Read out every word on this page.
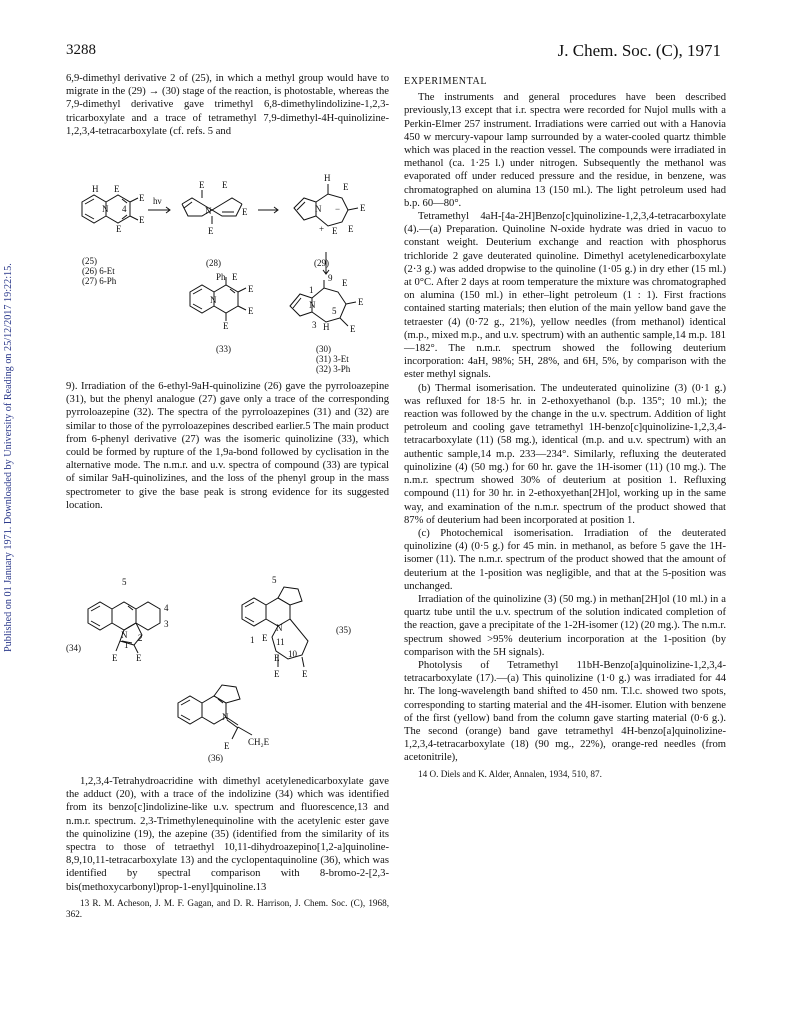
Published on 01 January 1971. Downloaded by University of Reading on 25/12/2017 19:22:15.
3288	J. Chem. Soc. (C), 1971

6,9-dimethyl derivative 2 of (25), in which a methyl group would have to migrate in the (29) → (30) stage of the reaction, is photostable, whereas the 7,9-dimethyl derivative gave trimethyl 6,8-dimethylindolizine-1,2,3-tricarboxylate and a trace of tetramethyl 7,9-dimethyl-4H-quinolizine-1,2,3,4-tetracarboxylate (cf. refs. 5 and

H E
N 4
E
E
E
hν
E E
E
E
N
H
E
E
E
E
N
+
−
Ph E
E
E
E
N
1
9 E
E
E
N
5
3 H
(25)
(26) 6-Et
(27) 6-Ph
(28)	(29)
(33)	(30)
(31) 3-Et
(32) 3-Ph

9). Irradiation of the 6-ethyl-9aH-quinolizine (26) gave the pyrroloazepine (31), but the phenyl analogue (27) gave only a trace of the corresponding pyrroloazepine (32). The spectra of the pyrroloazepines (31) and (32) are similar to those of the pyrroloazepines described earlier.5 The main product from 6-phenyl derivative (27) was the isomeric quinolizine (33), which could be formed by rupture of the 1,9a-bond followed by cyclisation in the alternative mode. The n.m.r. and u.v. spectra of compound (33) are typical of similar 9aH-quinolizines, and the loss of the phenyl group in the mass spectrometer to give the base peak is strong evidence for its suggested location.

5
4
3
N
1
2
E E
(34)
5
N
1 E 11
E 10
E	E
(35)
N
E CH₂E

(36)

1,2,3,4-Tetrahydroacridine with dimethyl acetylenedicarboxylate gave the adduct (20), with a trace of the indolizine (34) which was identified from its benzo[c]indolizine-like u.v. spectrum and fluorescence,13 and n.m.r. spectrum. 2,3-Trimethylenequinoline with the acetylenic ester gave the quinolizine (19), the azepine (35) (identified from the similarity of its spectra to those of tetraethyl 10,11-dihydroazepino[1,2-a]quinoline-8,9,10,11-tetracarboxylate 13) and the cyclopentaquinoline (36), which was identified by spectral comparison with 8-bromo-2-[2,3-bis(methoxycarbonyl)prop-1-enyl]quinoline.13

13 R. M. Acheson, J. M. F. Gagan, and D. R. Harrison, J. Chem. Soc. (C), 1968, 362.

EXPERIMENTAL

The instruments and general procedures have been described previously,13 except that i.r. spectra were recorded for Nujol mulls with a Perkin-Elmer 257 instrument. Irradiations were carried out with a Hanovia 450 w mercury-vapour lamp surrounded by a water-cooled quartz thimble which was placed in the reaction vessel. The compounds were irradiated in methanol (ca. 1·25 l.) under nitrogen. Subsequently the methanol was evaporated off under reduced pressure and the residue, in benzene, was chromatographed on alumina 13 (150 ml.). The light petroleum used had b.p. 60—80°.

Tetramethyl 4aH-[4a-2H]Benzo[c]quinolizine-1,2,3,4-tetracarboxylate (4).—(a) Preparation. Quinoline N-oxide hydrate was dried in vacuo to constant weight. Deuterium exchange and reaction with phosphorus trichloride 2 gave deuterated quinoline. Dimethyl acetylenedicarboxylate (2·3 g.) was added dropwise to the quinoline (1·05 g.) in dry ether (15 ml.) at 0°C. After 2 days at room temperature the mixture was chromatographed on alumina (150 ml.) in ether–light petroleum (1 : 1). First fractions contained starting materials; then elution of the main yellow band gave the tetraester (4) (0·72 g., 21%), yellow needles (from methanol) identical (m.p., mixed m.p., and u.v. spectrum) with an authentic sample,14 m.p. 181—182°. The n.m.r. spectrum showed the following deuterium incorporation: 4aH, 98%; 5H, 28%, and 6H, 5%, by comparison with the ester methyl signals.

(b) Thermal isomerisation. The undeuterated quinolizine (3) (0·1 g.) was refluxed for 18·5 hr. in 2-ethoxyethanol (b.p. 135°; 10 ml.); the reaction was followed by the change in the u.v. spectrum. Addition of light petroleum and cooling gave tetramethyl 1H-benzo[c]quinolizine-1,2,3,4-tetracarboxylate (11) (58 mg.), identical (m.p. and u.v. spectrum) with an authentic sample,14 m.p. 233—234°. Similarly, refluxing the deuterated quinolizine (4) (50 mg.) for 60 hr. gave the 1H-isomer (11) (10 mg.). The n.m.r. spectrum showed 30% of deuterium at position 1. Refluxing compound (11) for 30 hr. in 2-ethoxyethan[2H]ol, working up in the same way, and examination of the n.m.r. spectrum of the product showed that 87% of deuterium had been incorporated at position 1.

(c) Photochemical isomerisation. Irradiation of the deuterated quinolizine (4) (0·5 g.) for 45 min. in methanol, as before 5 gave the 1H-isomer (11). The n.m.r. spectrum of the product showed that the amount of deuterium at the 1-position was negligible, and that at the 5-position was unchanged.

Irradiation of the quinolizine (3) (50 mg.) in methan[2H]ol (10 ml.) in a quartz tube until the u.v. spectrum of the solution indicated completion of the reaction, gave a precipitate of the 1-2H-isomer (12) (20 mg.). The n.m.r. spectrum showed >95% deuterium incorporation at the 1-position (by comparison with the 5H signals).

Photolysis of Tetramethyl 11bH-Benzo[a]quinolizine-1,2,3,4-tetracarboxylate (17).—(a) This quinolizine (1·0 g.) was irradiated for 44 hr. The long-wavelength band shifted to 450 nm. T.l.c. showed two spots, corresponding to starting material and the 4H-isomer. Elution with benzene of the first (yellow) band from the column gave starting material (0·6 g.). The second (orange) band gave tetramethyl 4H-benzo[a]quinolizine-1,2,3,4-tetracarboxylate (18) (90 mg., 22%), orange-red needles (from acetonitrile),

14 O. Diels and K. Alder, Annalen, 1934, 510, 87.
